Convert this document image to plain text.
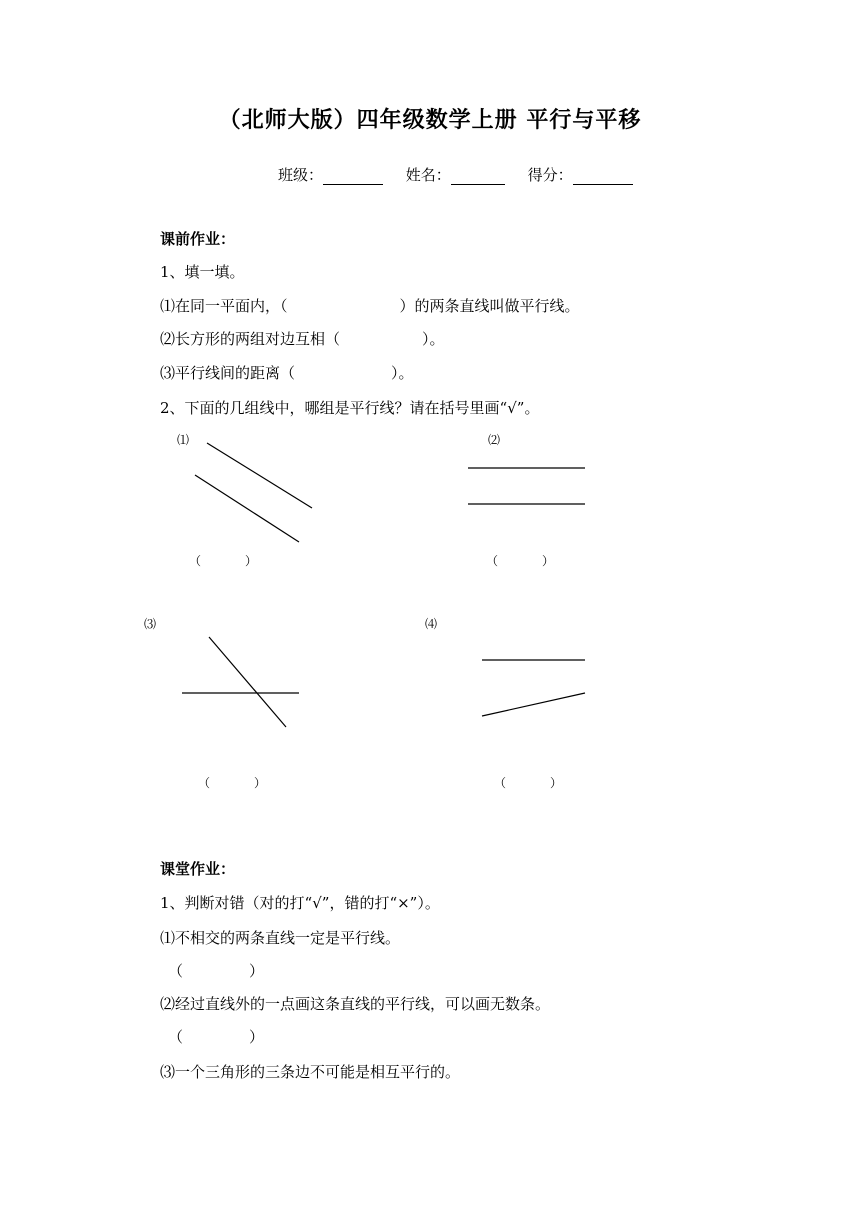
（北师大版）四年级数学上册 平行与平移
班级：	姓名：	得分：
课前作业：
1、填一填。
⑴在同一平面内，（	）的两条直线叫做平行线。
⑵长方形的两组对边互相（	）。
⑶平行线间的距离（	）。
2、下面的几组线中，哪组是平行线？请在括号里画“√”。
⑴	⑵
⑶	⑷
（	）	（	）
（	）	（	）
课堂作业：
1、判断对错（对的打“√”，错的打“×”）。
⑴不相交的两条直线一定是平行线。
（	）
⑵经过直线外的一点画这条直线的平行线，可以画无数条。
（	）
⑶一个三角形的三条边不可能是相互平行的。
